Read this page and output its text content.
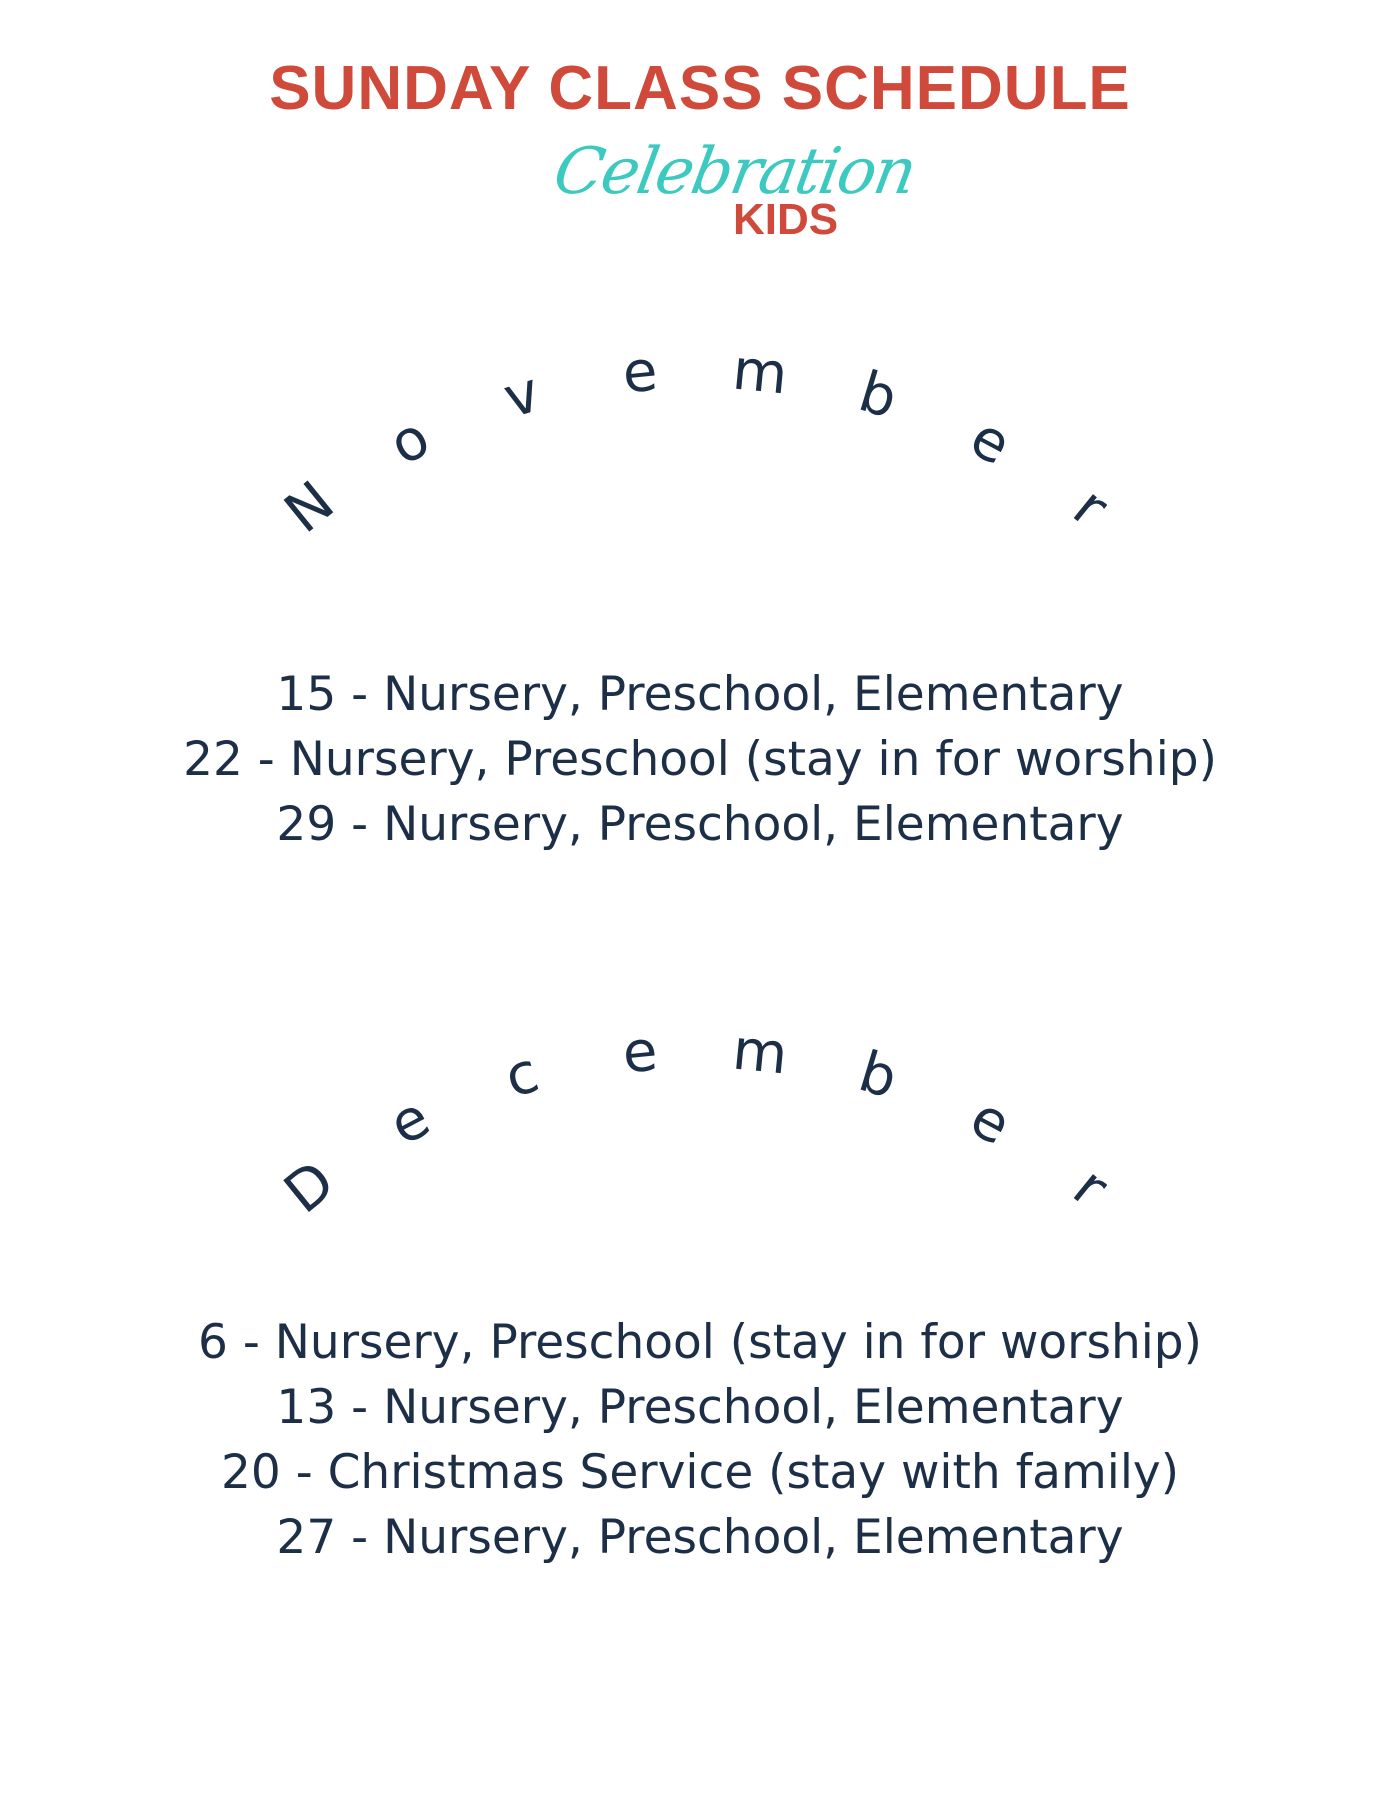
SUNDAY CLASS SCHEDULE
Celebration
KIDS
N
o
v	e	m	b
e
r
15 - Nursery, Preschool, Elementary
22 - Nursery, Preschool (stay in for worship)
29 - Nursery, Preschool, Elementary
D
e
c	e	m	b
e
r
6 - Nursery, Preschool (stay in for worship)
13 - Nursery, Preschool, Elementary
20 - Christmas Service (stay with family)
27 - Nursery, Preschool, Elementary
